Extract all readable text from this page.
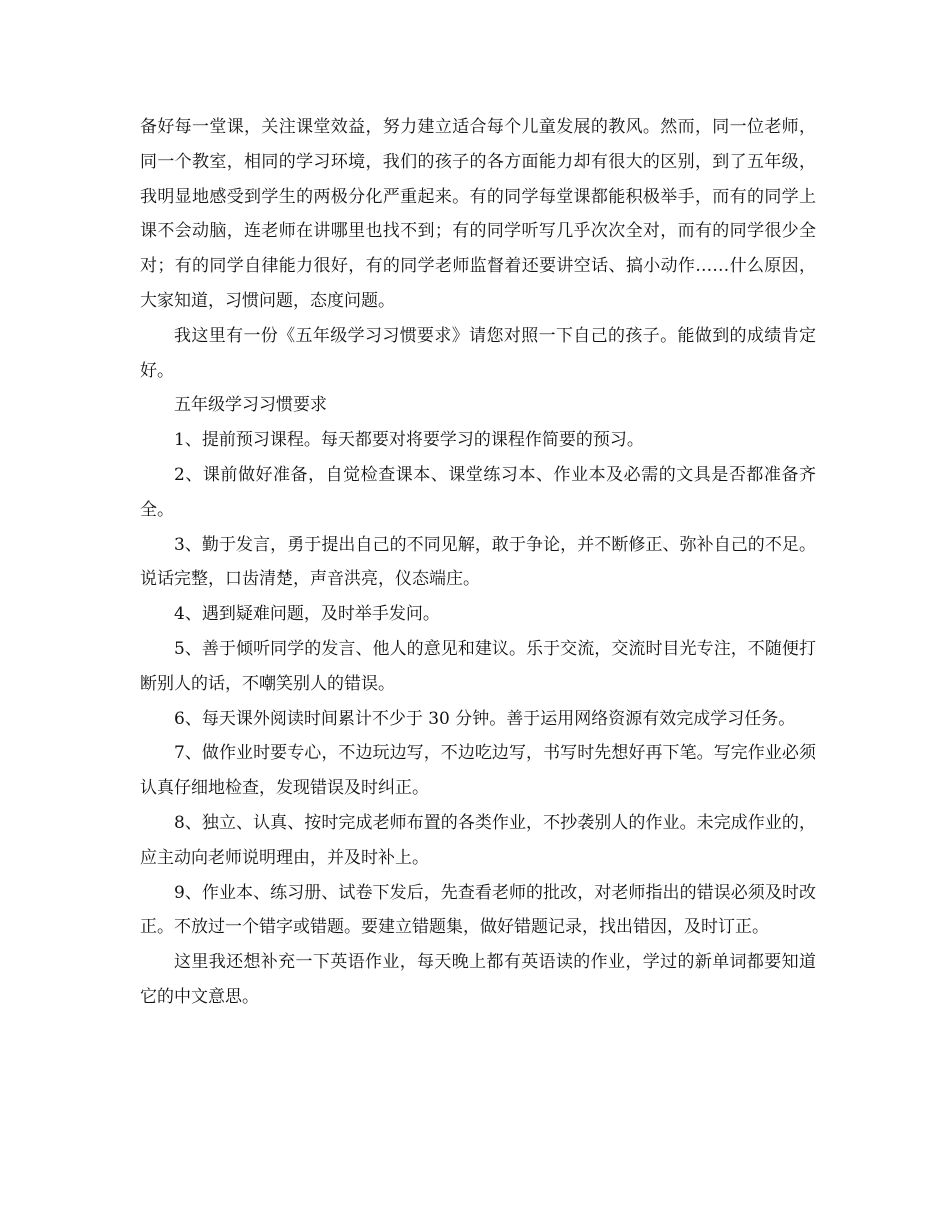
备好每一堂课，关注课堂效益，努力建立适合每个儿童发展的教风。然而，同一位老师，同一个教室，相同的学习环境，我们的孩子的各方面能力却有很大的区别，到了五年级，我明显地感受到学生的两极分化严重起来。有的同学每堂课都能积极举手，而有的同学上课不会动脑，连老师在讲哪里也找不到；有的同学听写几乎次次全对，而有的同学很少全对；有的同学自律能力很好，有的同学老师监督着还要讲空话、搞小动作……什么原因，大家知道，习惯问题，态度问题。

我这里有一份《五年级学习习惯要求》请您对照一下自己的孩子。能做到的成绩肯定好。

五年级学习习惯要求

1、提前预习课程。每天都要对将要学习的课程作简要的预习。

2、课前做好准备，自觉检查课本、课堂练习本、作业本及必需的文具是否都准备齐全。

3、勤于发言，勇于提出自己的不同见解，敢于争论，并不断修正、弥补自己的不足。说话完整，口齿清楚，声音洪亮，仪态端庄。

4、遇到疑难问题，及时举手发问。

5、善于倾听同学的发言、他人的意见和建议。乐于交流，交流时目光专注，不随便打断别人的话，不嘲笑别人的错误。

6、每天课外阅读时间累计不少于 30 分钟。善于运用网络资源有效完成学习任务。

7、做作业时要专心，不边玩边写，不边吃边写，书写时先想好再下笔。写完作业必须认真仔细地检查，发现错误及时纠正。

8、独立、认真、按时完成老师布置的各类作业，不抄袭别人的作业。未完成作业的，应主动向老师说明理由，并及时补上。

9、作业本、练习册、试卷下发后，先查看老师的批改，对老师指出的错误必须及时改正。不放过一个错字或错题。要建立错题集，做好错题记录，找出错因，及时订正。

这里我还想补充一下英语作业，每天晚上都有英语读的作业，学过的新单词都要知道它的中文意思。
